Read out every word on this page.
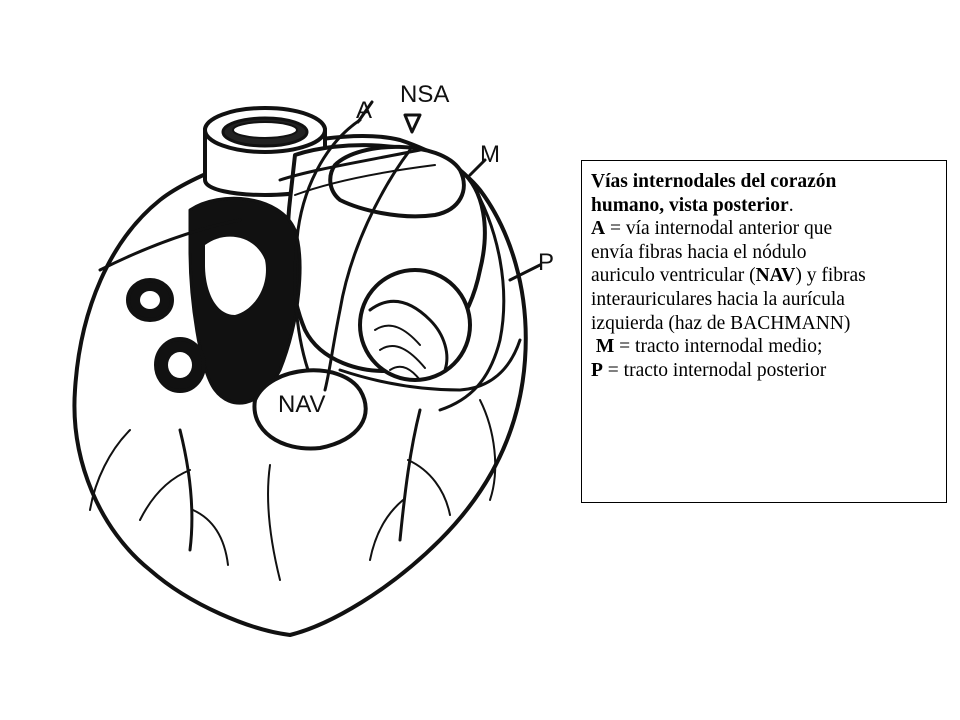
A
NSA
M
P
NAV
Vías internodales del corazón
humano, vista posterior.
A = vía internodal anterior que
envía fibras hacia el nódulo
auriculo ventricular (NAV) y fibras
interauriculares hacia la aurícula
izquierda (haz de BACHMANN)
M = tracto internodal medio;
P = tracto internodal posterior
